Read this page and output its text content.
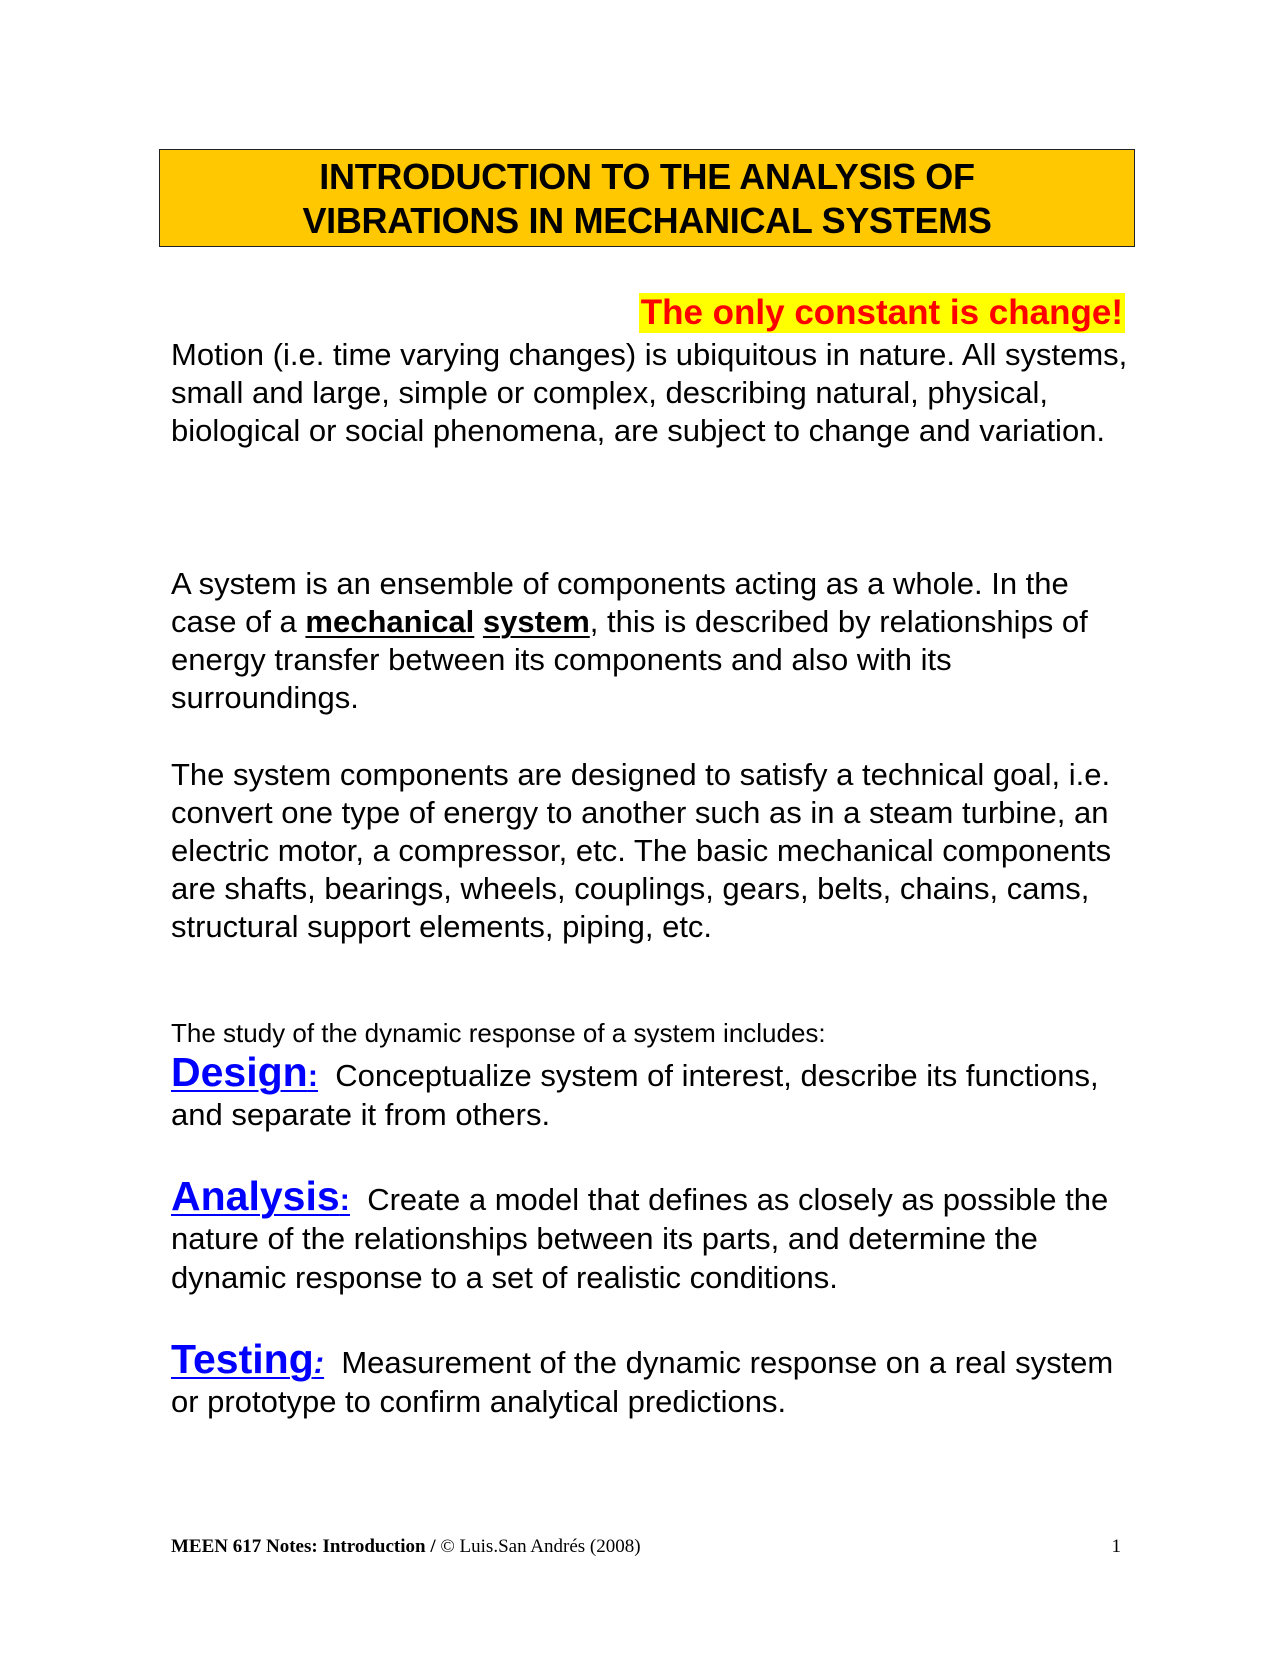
INTRODUCTION TO THE ANALYSIS OF
VIBRATIONS IN MECHANICAL SYSTEMS
The only constant is change!

Motion (i.e. time varying changes) is ubiquitous in nature. All systems, small and large, simple or complex, describing natural, physical, biological or social phenomena, are subject to change and variation.

A system is an ensemble of components acting as a whole. In the case of a mechanical system, this is described by relationships of energy transfer between its components and also with its surroundings.

The system components are designed to satisfy a technical goal, i.e. convert one type of energy to another such as in a steam turbine, an electric motor, a compressor, etc. The basic mechanical components are shafts, bearings, wheels, couplings, gears, belts, chains, cams, structural support elements, piping, etc.

The study of the dynamic response of a system includes:
Design: Conceptualize system of interest, describe its functions, and separate it from others.
Analysis: Create a model that defines as closely as possible the nature of the relationships between its parts, and determine the dynamic response to a set of realistic conditions.
Testing: Measurement of the dynamic response on a real system or prototype to confirm analytical predictions.
MEEN 617 Notes: Introduction / © Luis.San Andrés (2008)	1
